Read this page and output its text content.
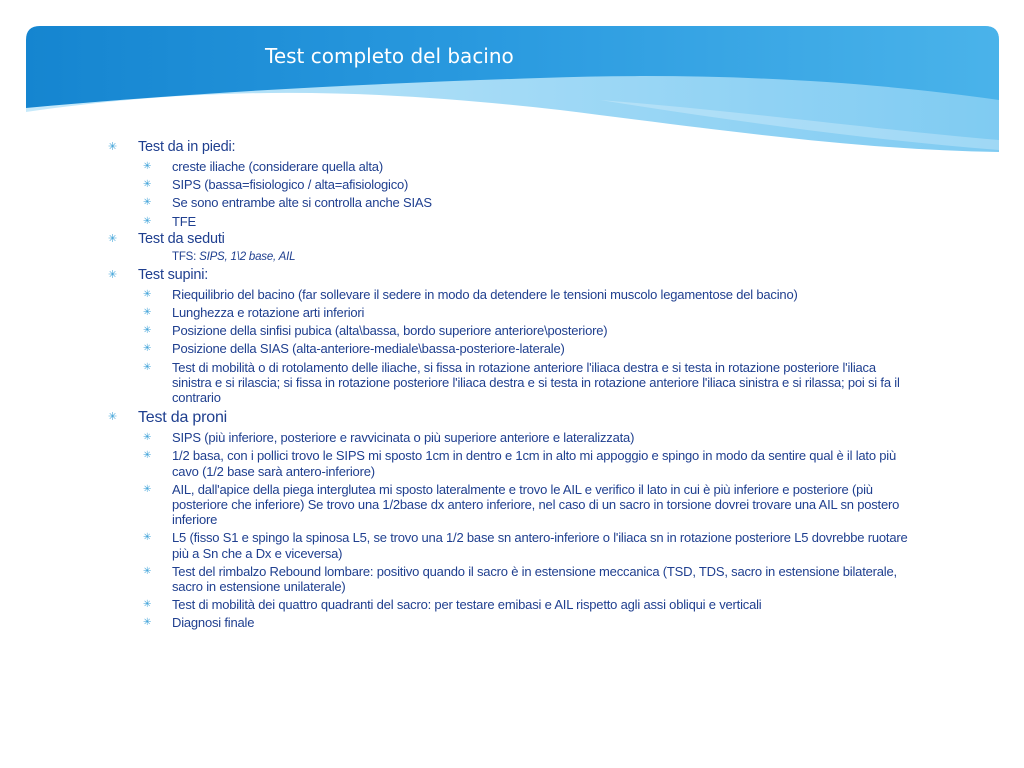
Test completo del bacino
✳ Test da in piedi:
✳ creste iliache (considerare quella alta)
✳ SIPS (bassa=fisiologico / alta=afisiologico)
✳ Se sono entrambe alte si controlla anche SIAS
✳ TFE
✳ Test da seduti
TFS: SIPS, 1\2 base, AIL
✳ Test supini:
✳ Riequilibrio del bacino (far sollevare il sedere in modo da detendere le tensioni muscolo legamentose del bacino)
✳ Lunghezza e rotazione arti inferiori
✳ Posizione della sinfisi pubica (alta\bassa, bordo superiore anteriore\posteriore)
✳ Posizione della SIAS (alta-anteriore-mediale\bassa-posteriore-laterale)
✳ Test di mobilità o di rotolamento delle iliache, si fissa in rotazione anteriore l'iliaca destra e si testa in rotazione posteriore l'iliaca sinistra e si rilascia; si fissa in rotazione posteriore l'iliaca destra e si testa in rotazione anteriore l'iliaca sinistra e si rilassa; poi si fa il contrario
✳ Test da proni
✳ SIPS (più inferiore, posteriore e ravvicinata o più superiore anteriore e lateralizzata)
✳ 1/2 basa, con i pollici trovo le SIPS mi sposto 1cm in dentro e 1cm in alto mi appoggio e spingo in modo da sentire qual è il lato più cavo (1/2 base sarà antero-inferiore)
✳ AIL, dall'apice della piega interglutea mi sposto lateralmente e trovo le AIL e verifico il lato in cui è più inferiore e posteriore (più posteriore che inferiore) Se trovo una 1/2base dx antero inferiore, nel caso di un sacro in torsione dovrei trovare una AIL sn postero inferiore
✳ L5 (fisso S1 e spingo la spinosa L5, se trovo una 1/2 base sn antero-inferiore o l'iliaca sn in rotazione posteriore L5 dovrebbe ruotare più a Sn che a Dx e viceversa)
✳ Test del rimbalzo Rebound lombare: positivo quando il sacro è in estensione meccanica (TSD, TDS, sacro in estensione bilaterale, sacro in estensione unilaterale)
✳ Test di mobilità dei quattro quadranti del sacro: per testare emibasi e AIL rispetto agli assi obliqui e verticali
✳ Diagnosi finale
